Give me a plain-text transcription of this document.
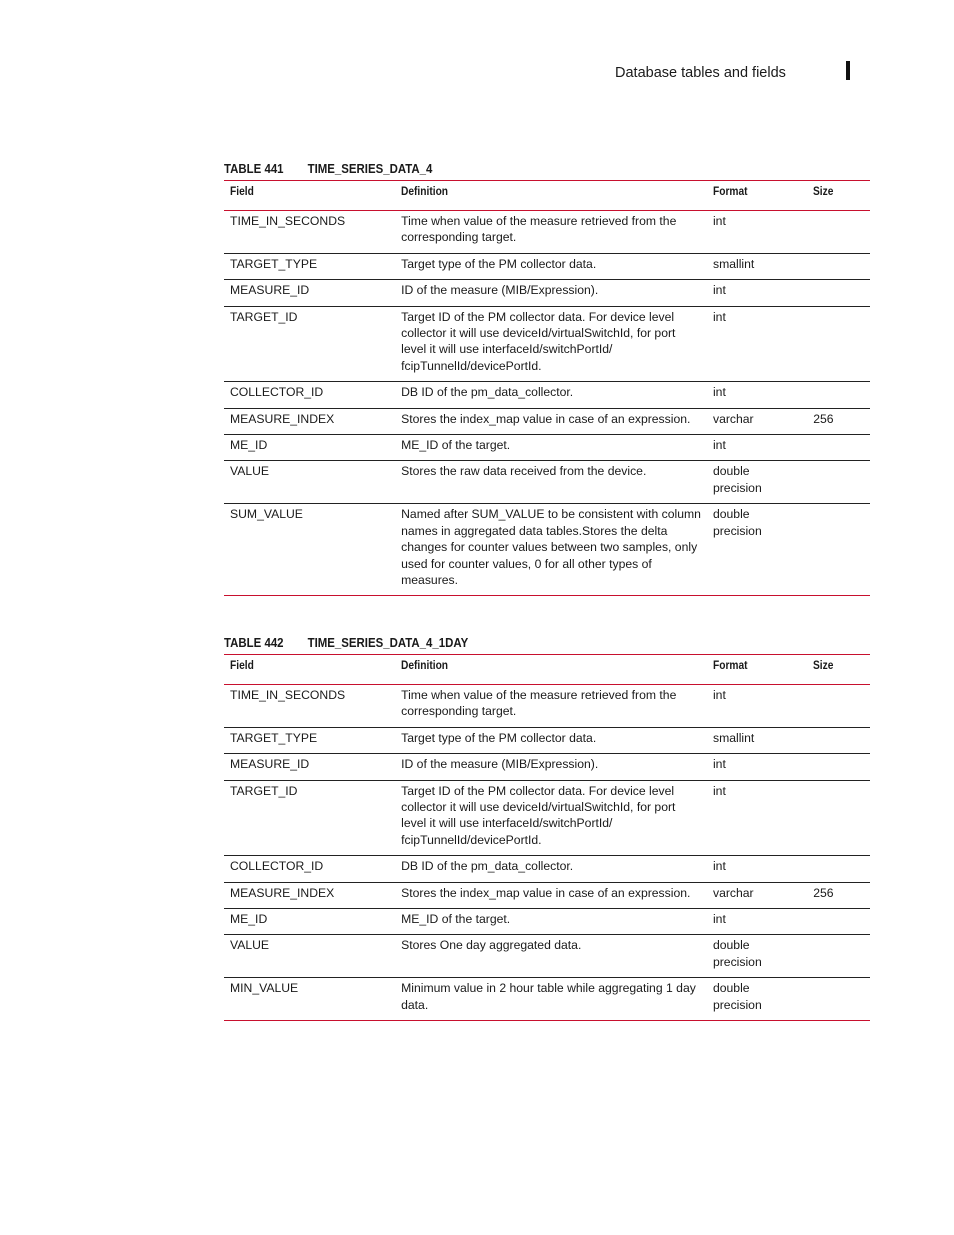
Database tables and fields
TABLE 441 TIME_SERIES_DATA_4
Field	Definition	Format	Size
TIME_IN_SECONDS	Time when value of the measure retrieved from the corresponding target.	int	
TARGET_TYPE	Target type of the PM collector data.	smallint	
MEASURE_ID	ID of the measure (MIB/Expression).	int	
TARGET_ID	Target ID of the PM collector data. For device level collector it will use deviceId/virtualSwitchId, for port level it will use interfaceId/switchPortId/ fcipTunnelId/devicePortId.	int	
COLLECTOR_ID	DB ID of the pm_data_collector.	int	
MEASURE_INDEX	Stores the index_map value in case of an expression.	varchar	256
ME_ID	ME_ID of the target.	int	
VALUE	Stores the raw data received from the device.	double precision	
SUM_VALUE	Named after SUM_VALUE to be consistent with column names in aggregated data tables.Stores the delta changes for counter values between two samples, only used for counter values, 0 for all other types of measures.	double precision	
TABLE 442 TIME_SERIES_DATA_4_1DAY
Field	Definition	Format	Size
TIME_IN_SECONDS	Time when value of the measure retrieved from the corresponding target.	int	
TARGET_TYPE	Target type of the PM collector data.	smallint	
MEASURE_ID	ID of the measure (MIB/Expression).	int	
TARGET_ID	Target ID of the PM collector data. For device level collector it will use deviceId/virtualSwitchId, for port level it will use interfaceId/switchPortId/ fcipTunnelId/devicePortId.	int	
COLLECTOR_ID	DB ID of the pm_data_collector.	int	
MEASURE_INDEX	Stores the index_map value in case of an expression.	varchar	256
ME_ID	ME_ID of the target.	int	
VALUE	Stores One day aggregated data.	double precision	
MIN_VALUE	Minimum value in 2 hour table while aggregating 1 day data.	double precision	
